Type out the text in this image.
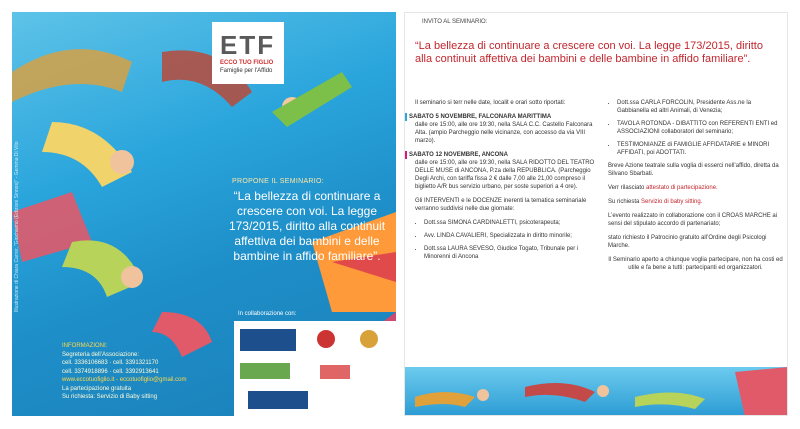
ETF
ECCO TUO FIGLIO
Famiglie per l'Affido
PROPONE IL SEMINARIO:
“La bellezza di continuare a crescere con voi. La legge 173/2015, diritto alla continuit affettiva dei bambini e delle bambine in affido familiare”.
Illustrazione di Chiara Carrer, “Giochiamo (Edizioni Sinnos)” - Gemma Di Vito
INFORMAZIONI:
Segreteria dell’Associazione:
cell. 3336106683 · cell. 3391321170
cell. 3374918896 · cell. 3392913641
www.eccotuofiglio.it - eccotuofiglio@gmail.com
La partecipazione gratuita
Su richiesta: Servizio di Baby sitting
In collaborazione con:
INVITO AL SEMINARIO:
“La bellezza di continuare a crescere con voi. La legge 173/2015, diritto alla continuit affettiva dei bambini e delle bambine in affido familiare”.

Il seminario si terr nelle date, localit e orari sotto riportati:

SABATO 5 NOVEMBRE, FALCONARA MARITTIMA

dalle ore 15:00, alle ore 19:30, nella SALA C.C. Castello Falconara Alta. (ampio Parcheggio nelle vicinanze, con accesso da via VIII marzo).

SABATO 12 NOVEMBRE, ANCONA

dalle ore 15:00, alle ore 19:30, nella SALA RIDOTTO DEL TEATRO DELLE MUSE di ANCONA, P.za della REPUBBLICA. (Parcheggio Degli Archi, con tariffa fissa 2 € dalle 7,00 alle 21,00 compreso il biglietto A/R bus servizio urbano, per soste superiori a 4 ore).

Gli INTERVENTI e le DOCENZE inerenti la tematica seminariale verranno suddivisi nelle due giornate:

• Dott.ssa SIMONA CARDINALETTI, psicoterapeuta;
• Avv. LINDA CAVALIERI, Specializzata in diritto minorile;
• Dott.ssa LAURA SEVESO, Giudice Togato, Tribunale per i Minorenni di Ancona
• Dott.ssa CARLA FORCOLIN, Presidente Ass.ne la Gabbianella ed altri Animali, di Venezia;
• TAVOLA ROTONDA - DIBATTITO con REFERENTI ENTI ed ASSOCIAZIONI collaboratori del seminario;
• TESTIMONIANZE di FAMIGLIE AFFIDATARIE e MINORI AFFIDATI, poi ADOTTATI.

Breve Azione teatrale sulla voglia di esserci nell’affido, diretta da Silvano Sbarbati.

Verr rilasciato attestato di partecipazione.

Su richiesta Servizio di baby sitting.

L’evento realizzato in collaborazione con il CROAS MARCHE ai sensi del stipulato accordo di partenariato;

stato richiesto il Patrocinio gratuito all’Ordine degli Psicologi Marche.

Il Seminario aperto a chiunque voglia partecipare, non ha costi ed utile e fa bene a tutti: partecipanti ed organizzatori.
